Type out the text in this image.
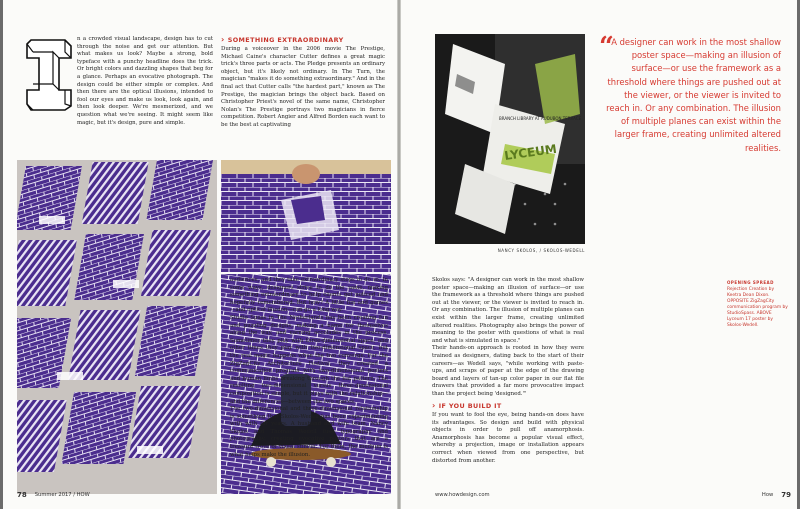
n a crowded visual landscape, design has to cut through the noise and get our attention. But what makes us look? Maybe a strong, bold typeface with a punchy headline does the trick. Or bright colors and dazzling shapes that beg for a glance. Perhaps an evocative photograph. The design could be either simple or complex. And then there are the optical illusions, intended to fool our eyes and make us look, look again, and then look deeper. We're mesmerized, and we question what we're seeing. It might seem like magic, but it's design, pure and simple.
› SOMETHING EXTRAORDINARY
During a voiceover in the 2006 movie The Prestige, Michael Caine's character Cutter defines a great magic trick's three parts or acts. The Pledge presents an ordinary object, but it's likely not ordinary. In The Turn, the magician "makes it do something extraordinary." And in the final act that Cutter calls "the hardest part," known as The Prestige, the magician brings the object back. Based on Christopher Priest's novel of the same name, Christopher Nolan's The Prestige portrays two magicians in fierce competition. Robert Angier and Alfred Borden each want to be the best at captivating
78 Summer 2017 / HOW
BRANCH LIBRARY AT AUDUBON TERRACE
LYCEUM
NANCY SKOLOS, / SKOLOS-WEDELL
“
A designer can work in the most shallow poster space—making an illusion of surface—or use the framework as a threshold where things are pushed out at the viewer, or the viewer is invited to reach in. Or any combination. The illusion of multiple planes can exist within the larger frame, creating unlimited altered realities.
OPENING SPREAD
Rejection Creation by Keetra Dean Dixon. OPPOSITE ZigZagCity communication program by StudioSpass. ABOVE Lyceum 17 poster by Skolos-Wedell.
www.howdesign.com	How 79
audiences, and they take extraordinary steps to do so. In some ways, designers strive to do the same, making something extraordinary to help clients get noticed and hopefully remembered. But how? A little fun and games—and optical illusion—can go a long way.
Studio Spass in The Netherlands has been creating fun and puzzling designs, making a name for themselves along the way, and earning accolades in the process. Sometimes they play with three-dimensional space, and other times they play with two-dimensional space, but the real magic happens when the two converge. For the ZigZagCity Architecture Festival, they created a communication program with two-dimensional posters and human limbs breaking through the flat pattern. The resulting two-dimensional versus three-dimensional composition is simple, but it plays with the relationship—and the differences—between the two spaces.
The two-dimensional and three-dimensional relationship is something that Skolos-Wedell has been experimenting with with for years. A husband and wife team, Nancy Skolos and Thomas Wedell fuse typography and photography, creating evocative posters that are a treasure trove of visual stimuli. For them, the medium is what helps make the illusion.
Skolos says: "A designer can work in the most shallow poster space—making an illusion of surface—or use the framework as a threshold where things are pushed out at the viewer, or the viewer is invited to reach in. Or any combination. The illusion of multiple planes can exist within the larger frame, creating unlimited altered realities. Photography also brings the power of meaning to the poster with questions of what is real and what is simulated in space."
Their hands-on approach is rooted in how they were trained as designers, dating back to the start of their careers—as Wedell says, "while working with paste-ups, and scraps of paper at the edge of the drawing board and layers of tan-up color paper in our flat file drawers that provided a far more provocative impact than the project being 'designed.'"
› IF YOU BUILD IT
If you want to fool the eye, being hands-on does have its advantages. So design and build with physical objects in order to pull off anamorphosis. Anamorphosis has become a popular visual effect, whereby a projection, image or installation appears correct when viewed from one perspective, but distorted from another.
